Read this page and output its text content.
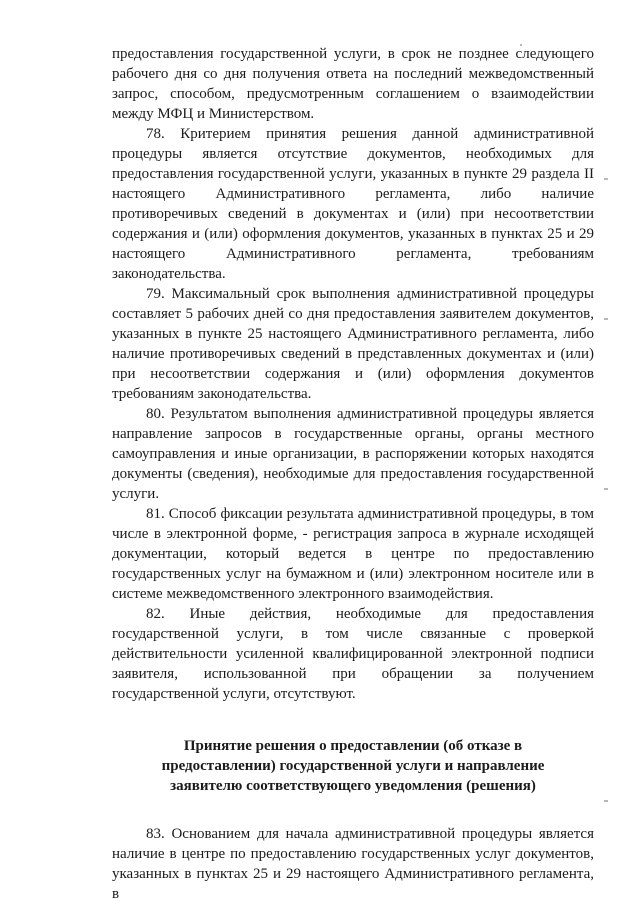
предоставления государственной услуги, в срок не позднее следующего рабочего дня со дня получения ответа на последний межведомственный запрос, способом, предусмотренным соглашением о взаимодействии между МФЦ и Министерством.

78. Критерием принятия решения данной административной процедуры является отсутствие документов, необходимых для предоставления государственной услуги, указанных в пункте 29 раздела II настоящего Административного регламента, либо наличие противоречивых сведений в документах и (или) при несоответствии содержания и (или) оформления документов, указанных в пунктах 25 и 29 настоящего Административного регламента, требованиям законодательства.

79. Максимальный срок выполнения административной процедуры составляет 5 рабочих дней со дня предоставления заявителем документов, указанных в пункте 25 настоящего Административного регламента, либо наличие противоречивых сведений в представленных документах и (или) при несоответствии содержания и (или) оформления документов требованиям законодательства.

80. Результатом выполнения административной процедуры является направление запросов в государственные органы, органы местного самоуправления и иные организации, в распоряжении которых находятся документы (сведения), необходимые для предоставления государственной услуги.

81. Способ фиксации результата административной процедуры, в том числе в электронной форме, - регистрация запроса в журнале исходящей документации, который ведется в центре по предоставлению государственных услуг на бумажном и (или) электронном носителе или в системе межведомственного электронного взаимодействия.

82. Иные действия, необходимые для предоставления государственной услуги, в том числе связанные с проверкой действительности усиленной квалифицированной электронной подписи заявителя, использованной при обращении за получением государственной услуги, отсутствуют.

Принятие решения о предоставлении (об отказе в
предоставлении) государственной услуги и направление
заявителю соответствующего уведомления (решения)

83. Основанием для начала административной процедуры является наличие в центре по предоставлению государственных услуг документов, указанных в пунктах 25 и 29 настоящего Административного регламента, в
